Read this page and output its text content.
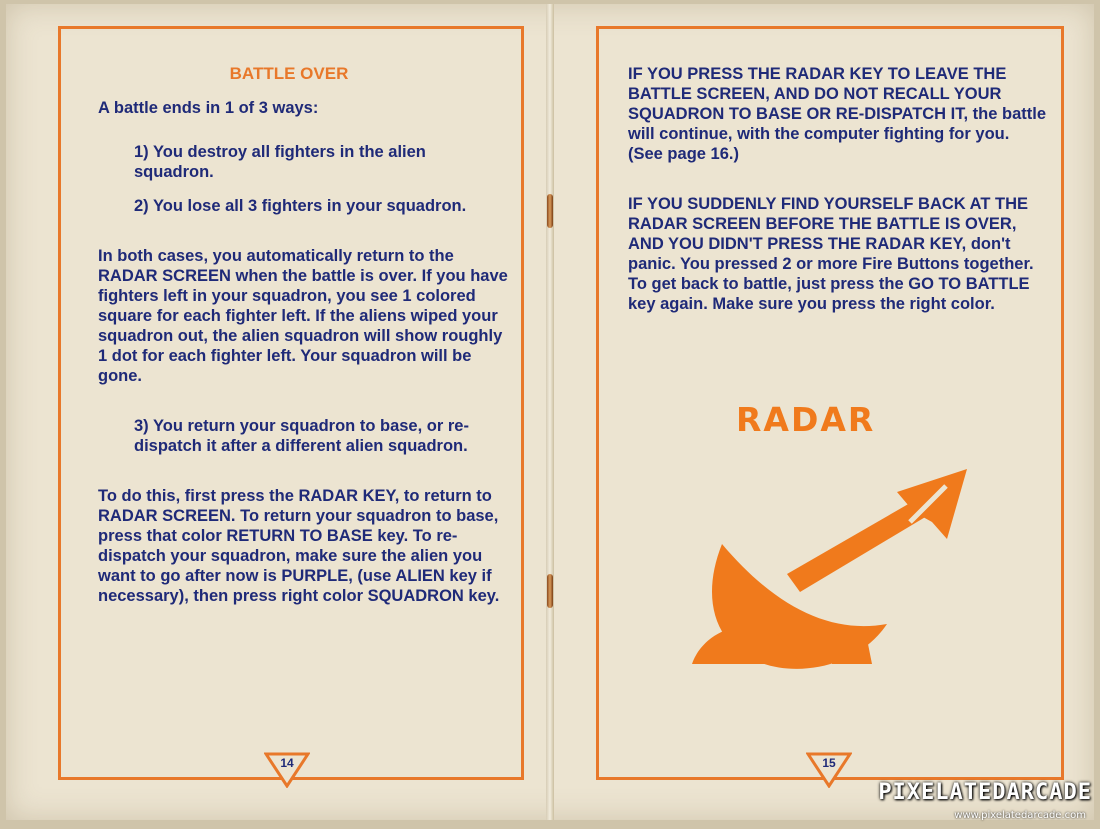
BATTLE OVER

A battle ends in 1 of 3 ways:

1) You destroy all fighters in the alien squadron.

2) You lose all 3 fighters in your squadron.

In both cases, you automatically return to the RADAR SCREEN when the battle is over. If you have fighters left in your squadron, you see 1 colored square for each fighter left. If the aliens wiped your squadron out, the alien squadron will show roughly 1 dot for each fighter left. Your squadron will be gone.

3) You return your squadron to base, or re-dispatch it after a different alien squadron.

To do this, first press the RADAR KEY, to return to RADAR SCREEN. To return your squadron to base, press that color RETURN TO BASE key. To re-dispatch your squadron, make sure the alien you want to go after now is PURPLE, (use ALIEN key if necessary), then press right color SQUADRON key.

14

IF YOU PRESS THE RADAR KEY TO LEAVE THE BATTLE SCREEN, AND DO NOT RECALL YOUR SQUADRON TO BASE OR RE-DISPATCH IT, the battle will continue, with the computer fighting for you. (See page 16.)

IF YOU SUDDENLY FIND YOURSELF BACK AT THE RADAR SCREEN BEFORE THE BATTLE IS OVER, AND YOU DIDN'T PRESS THE RADAR KEY, don't panic. You pressed 2 or more Fire Buttons together. To get back to battle, just press the GO TO BATTLE key again. Make sure you press the right color.

RADAR
15
PIXELATEDARCADE
www.pixelatedarcade.com
